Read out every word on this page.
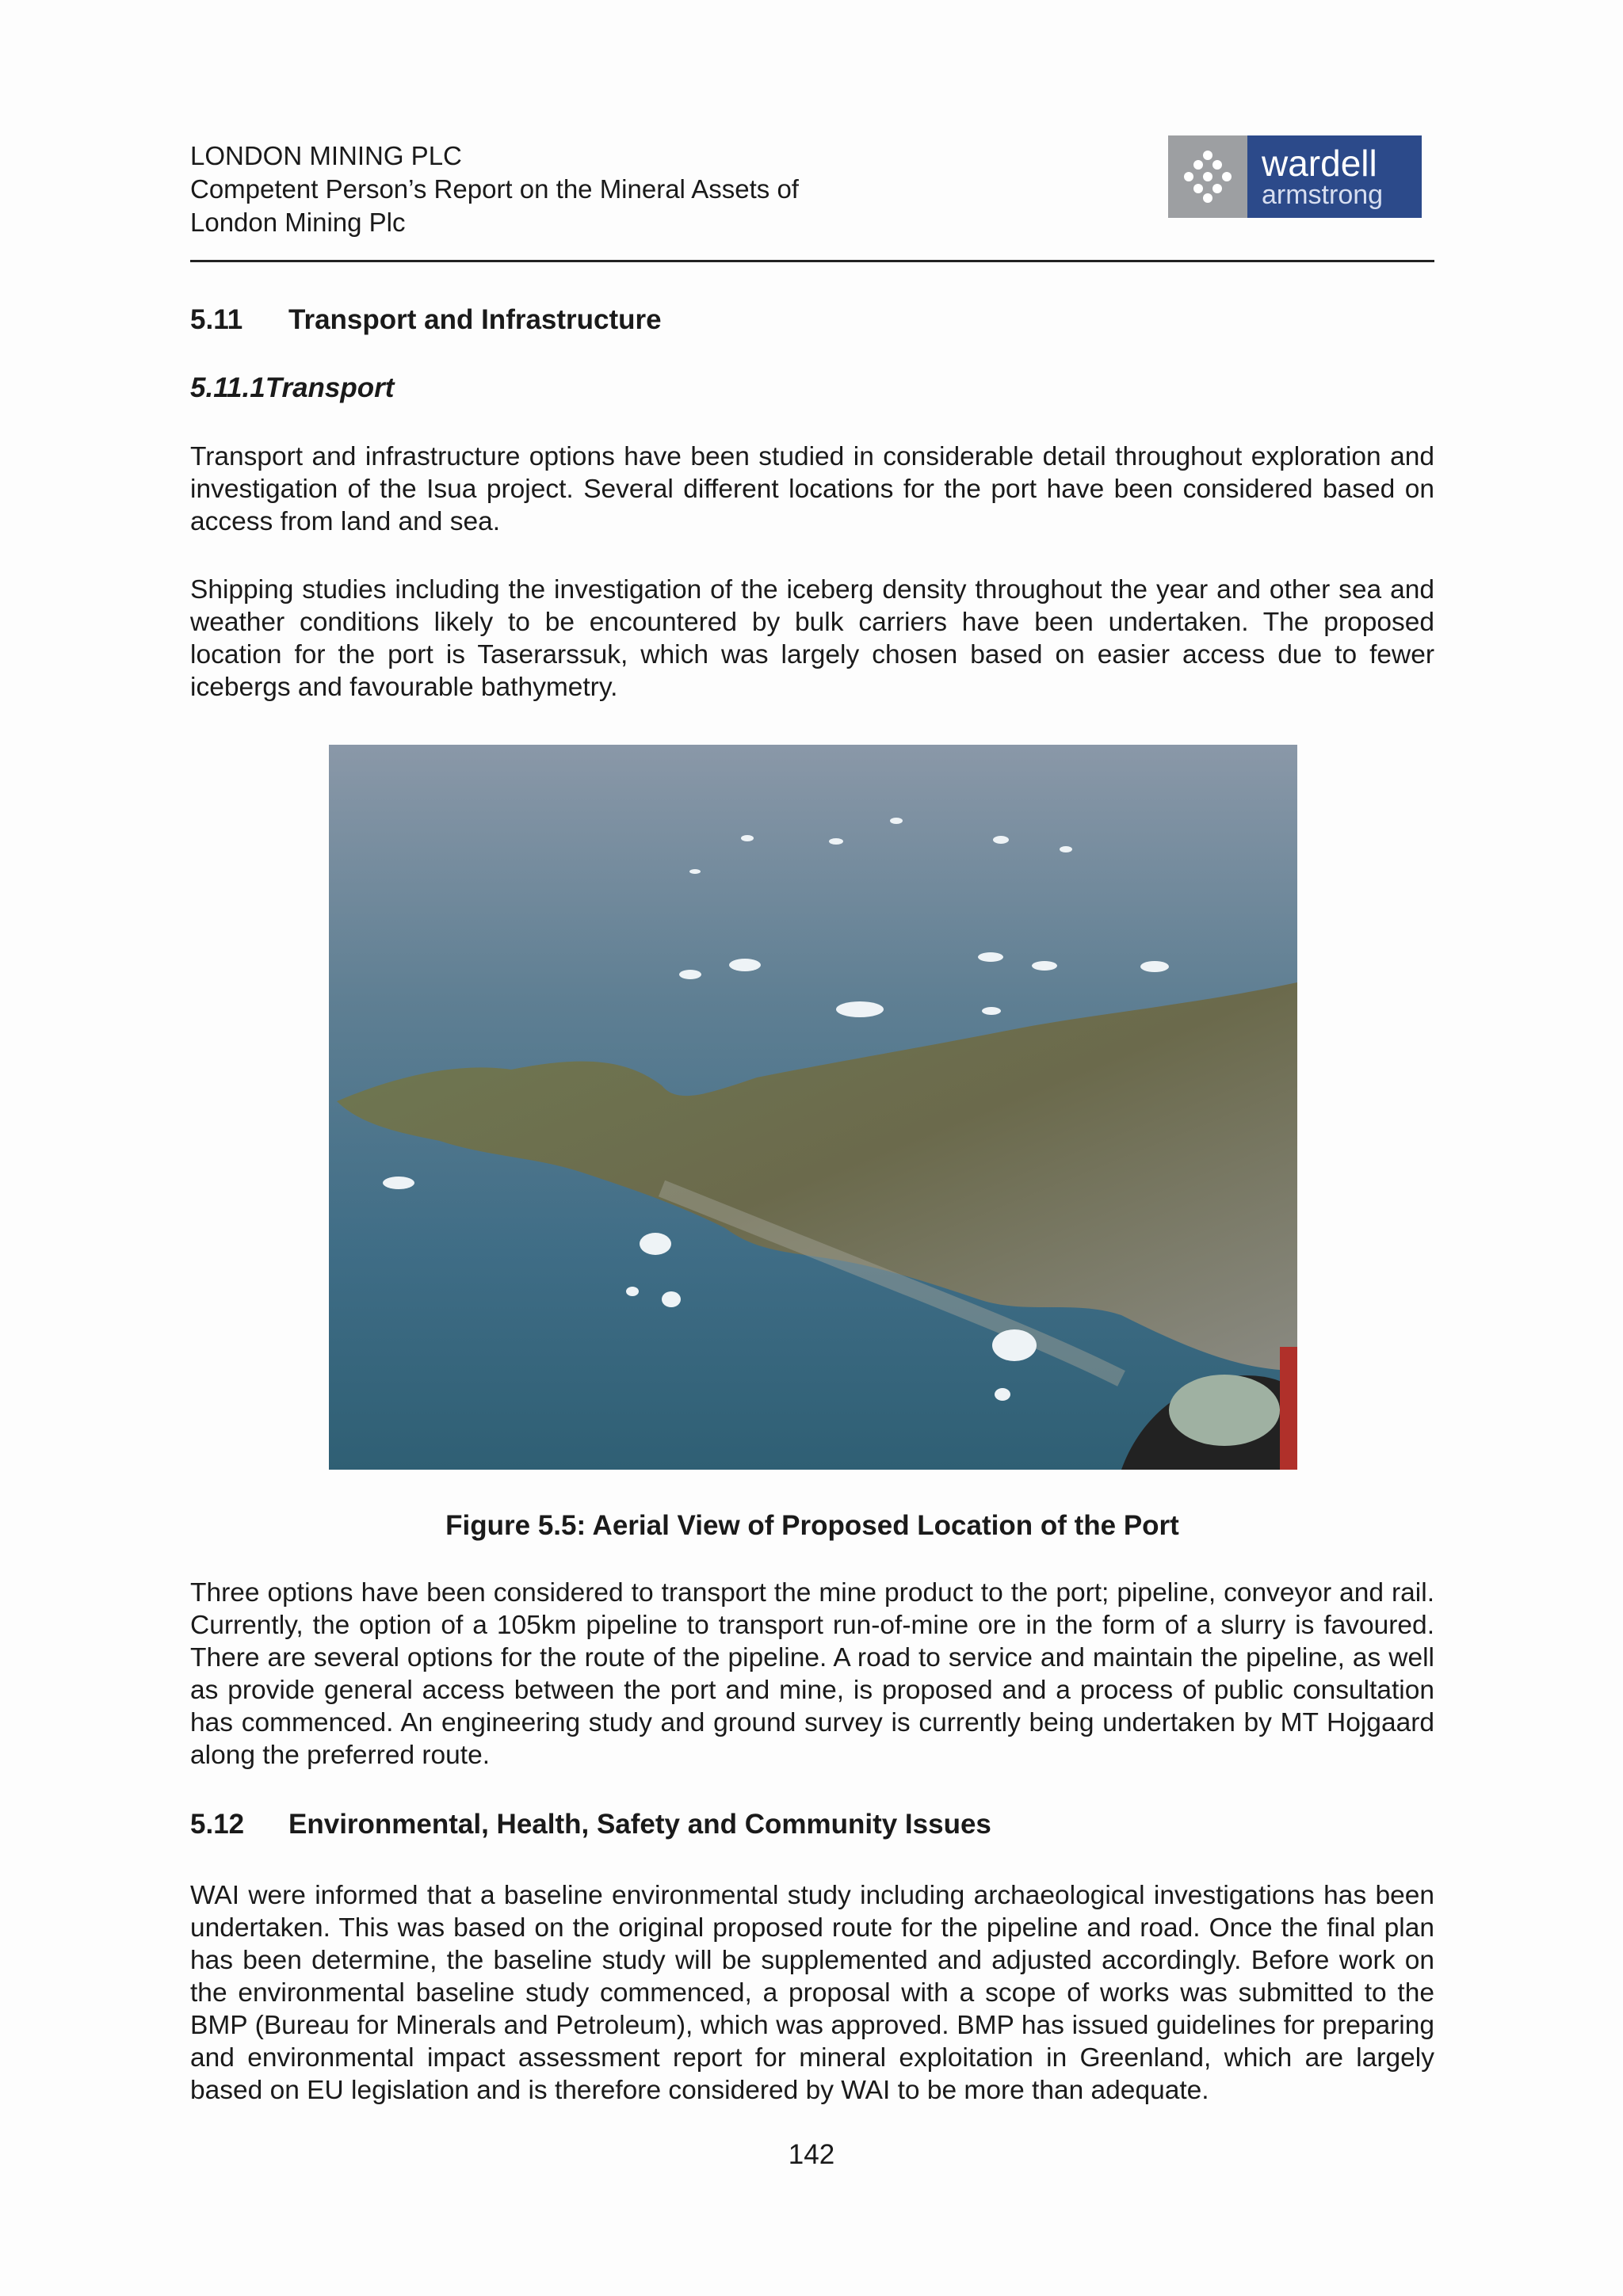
LONDON MINING PLC
Competent Person’s Report on the Mineral Assets of
London Mining Plc
wardell
armstrong
5.11 Transport and Infrastructure
5.11.1Transport

Transport and infrastructure options have been studied in considerable detail throughout exploration and investigation of the Isua project. Several different locations for the port have been considered based on access from land and sea.

Shipping studies including the investigation of the iceberg density throughout the year and other sea and weather conditions likely to be encountered by bulk carriers have been undertaken. The proposed location for the port is Taserarssuk, which was largely chosen based on easier access due to fewer icebergs and favourable bathymetry.

Figure 5.5: Aerial View of Proposed Location of the Port

Three options have been considered to transport the mine product to the port; pipeline, conveyor and rail. Currently, the option of a 105km pipeline to transport run-of-mine ore in the form of a slurry is favoured. There are several options for the route of the pipeline. A road to service and maintain the pipeline, as well as provide general access between the port and mine, is proposed and a process of public consultation has commenced. An engineering study and ground survey is currently being undertaken by MT Hojgaard along the preferred route.

5.12 Environmental, Health, Safety and Community Issues

WAI were informed that a baseline environmental study including archaeological investigations has been undertaken. This was based on the original proposed route for the pipeline and road. Once the final plan has been determine, the baseline study will be supplemented and adjusted accordingly. Before work on the environmental baseline study commenced, a proposal with a scope of works was submitted to the BMP (Bureau for Minerals and Petroleum), which was approved. BMP has issued guidelines for preparing and environmental impact assessment report for mineral exploitation in Greenland, which are largely based on EU legislation and is therefore considered by WAI to be more than adequate.

142
